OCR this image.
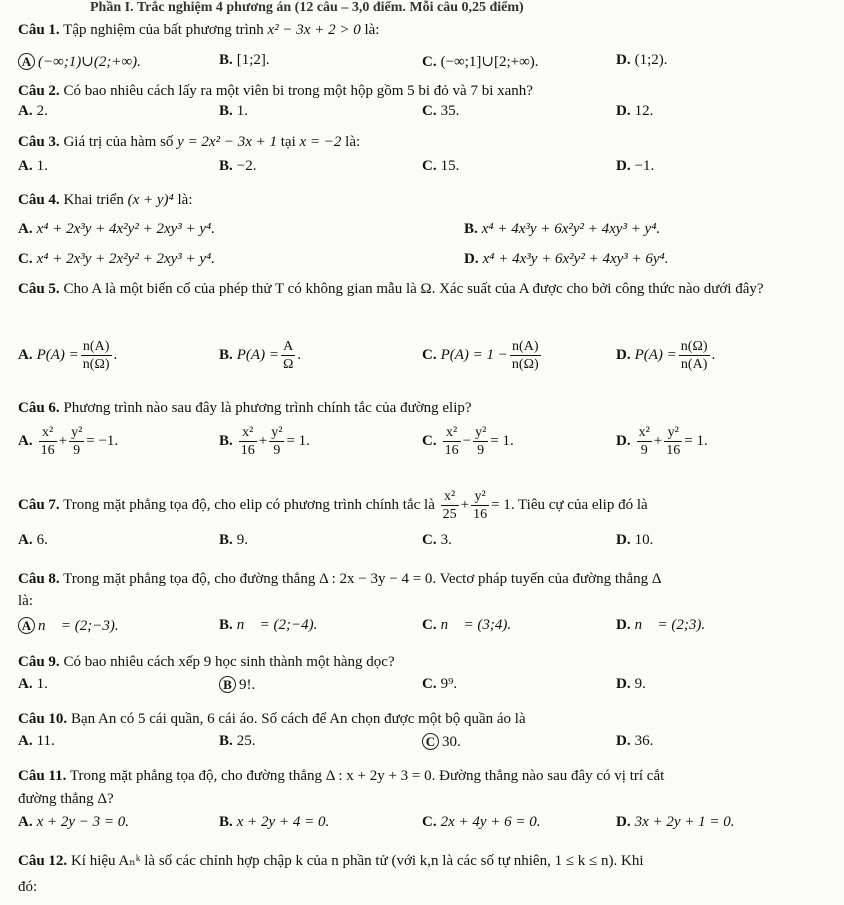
Phần I. Trắc nghiệm 4 phương án (12 câu – 3,0 điểm. Mỗi câu 0,25 điểm)
Câu 1. Tập nghiệm của bất phương trình x² − 3x + 2 > 0 là:
A (−∞;1)∪(2;+∞).	B. [1;2].	C. (−∞;1]∪[2;+∞).	D. (1;2).
Câu 2. Có bao nhiêu cách lấy ra một viên bi trong một hộp gồm 5 bi đỏ và 7 bi xanh?
A. 2.	B. 1.	C. 35.	D. 12.
Câu 3. Giá trị của hàm số y = 2x² − 3x + 1 tại x = −2 là:
A. 1.	B. −2.	C. 15.	D. −1.
Câu 4. Khai triển (x + y)⁴ là:
A. x⁴ + 2x³y + 4x²y² + 2xy³ + y⁴.	B. x⁴ + 4x³y + 6x²y² + 4xy³ + y⁴.
C. x⁴ + 2x³y + 2x²y² + 2xy³ + y⁴.	D. x⁴ + 4x³y + 6x²y² + 4xy³ + 6y⁴.
Câu 5. Cho A là một biến cố của phép thử T có không gian mẫu là Ω. Xác suất của A được cho bởi công thức nào dưới đây?
A. $P(A) = \frac{n(A)}{n(\Omega)}$ .	B. $P(A) = \frac{A}{\Omega}$ .	C. $P(A) = 1 - \frac{n(A)}{n(\Omega)}$	D. $P(A) = \frac{n(\Omega)}{n(A)}$ .
Câu 6. Phương trình nào sau đây là phương trình chính tắc của đường elip?
A. $\frac{\text{x²}}{16} + \frac{\text{y²}}{9} = -1$.	B. $\frac{\text{x²}}{16} + \frac{\text{y²}}{9} = 1$.	C. $\frac{\text{x²}}{16} - \frac{\text{y²}}{9} = 1$.	D. $\frac{\text{x²}}{9} + \frac{\text{y²}}{16} = 1$.
Câu 7. Trong mặt phẳng tọa độ, cho elip có phương trình chính tắc là $\frac{\text{x²}}{25} + \frac{\text{y²}}{16} = 1$. Tiêu cự của elip đó là
A. 6.	B. 9.	C. 3.	D. 10.
Câu 8. Trong mặt phẳng tọa độ, cho đường thẳng Δ : 2x − 3y − 4 = 0. Vectơ pháp tuyến của đường thẳng Δ
là:
A n⃗ = (2;−3).	B. n⃗ = (2;−4).	C. n⃗ = (3;4).	D. n⃗ = (2;3).
Câu 9. Có bao nhiêu cách xếp 9 học sinh thành một hàng dọc?
A. 1.	B 9!.	C. 9⁹.	D. 9.
Câu 10. Bạn An có 5 cái quần, 6 cái áo. Số cách để An chọn được một bộ quần áo là
A. 11.	B. 25.	C 30.	D. 36.
Câu 11. Trong mặt phẳng tọa độ, cho đường thẳng Δ : x + 2y + 3 = 0. Đường thẳng nào sau đây có vị trí cắt
đường thẳng Δ?
A. x + 2y − 3 = 0.	B. x + 2y + 4 = 0.	C. 2x + 4y + 6 = 0.	D. 3x + 2y + 1 = 0.
Câu 12. Kí hiệu Aₙᵏ là số các chỉnh hợp chập k của n phần tử (với k,n là các số tự nhiên, 1 ≤ k ≤ n). Khi
đó:
